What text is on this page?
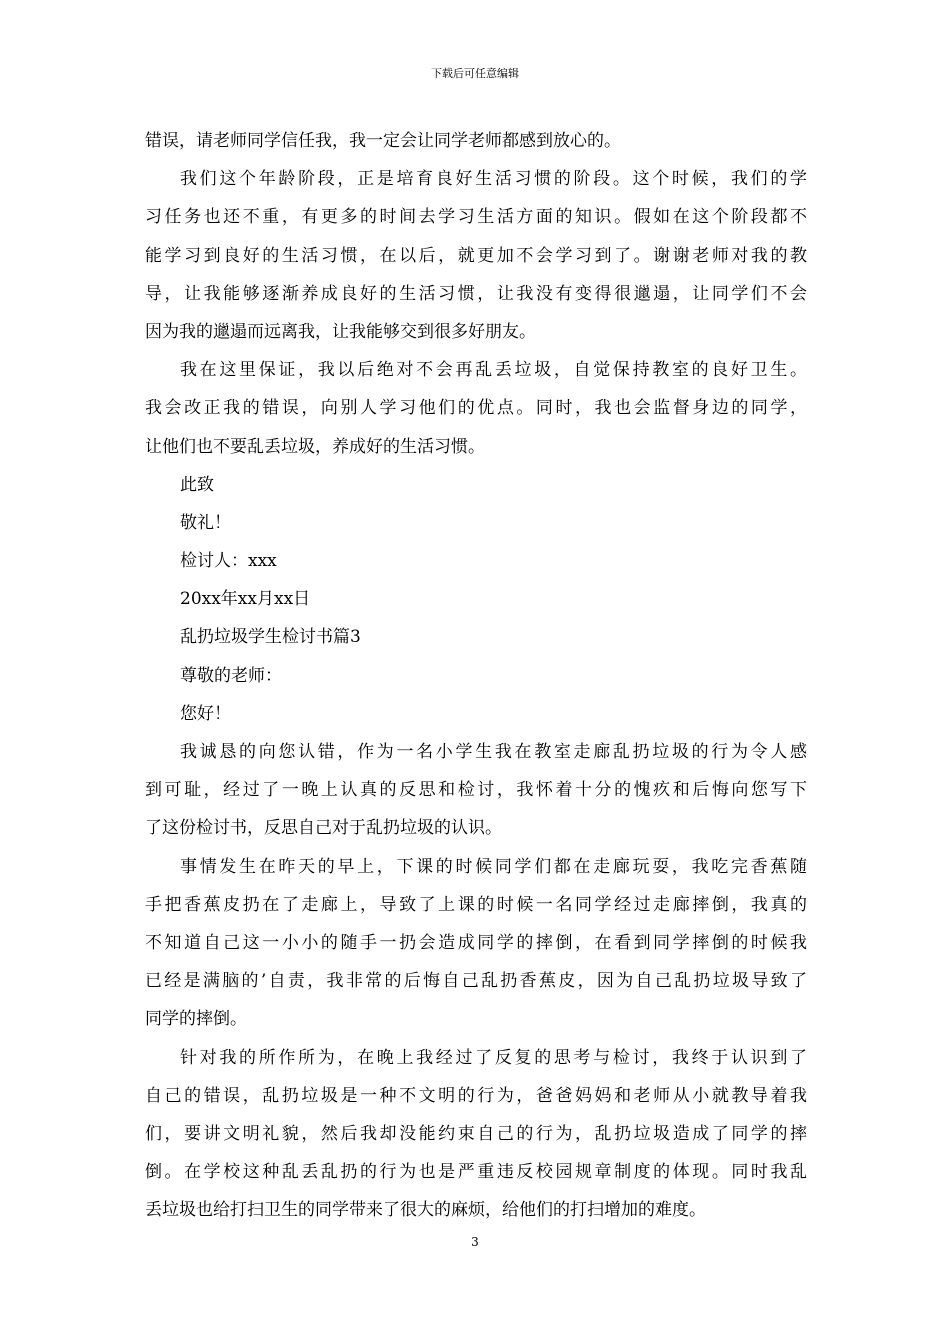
下载后可任意编辑
错误，请老师同学信任我，我一定会让同学老师都感到放心的。
我们这个年龄阶段，正是培育良好生活习惯的阶段。这个时候，我们的学
习任务也还不重，有更多的时间去学习生活方面的知识。假如在这个阶段都不
能学习到良好的生活习惯，在以后，就更加不会学习到了。谢谢老师对我的教
导，让我能够逐渐养成良好的生活习惯，让我没有变得很邋遢，让同学们不会
因为我的邋遢而远离我，让我能够交到很多好朋友。
我在这里保证，我以后绝对不会再乱丢垃圾，自觉保持教室的良好卫生。
我会改正我的错误，向别人学习他们的优点。同时，我也会监督身边的同学，
让他们也不要乱丢垃圾，养成好的生活习惯。
此致
敬礼！
检讨人：xxx
20xx年xx月xx日
乱扔垃圾学生检讨书篇3
尊敬的老师：
您好！
我诚恳的向您认错，作为一名小学生我在教室走廊乱扔垃圾的行为令人感
到可耻，经过了一晚上认真的反思和检讨，我怀着十分的愧疚和后悔向您写下
了这份检讨书，反思自己对于乱扔垃圾的认识。
事情发生在昨天的早上，下课的时候同学们都在走廊玩耍，我吃完香蕉随
手把香蕉皮扔在了走廊上，导致了上课的时候一名同学经过走廊摔倒，我真的
不知道自己这一小小的随手一扔会造成同学的摔倒，在看到同学摔倒的时候我
已经是满脑的’自责，我非常的后悔自己乱扔香蕉皮，因为自己乱扔垃圾导致了
同学的摔倒。
针对我的所作所为，在晚上我经过了反复的思考与检讨，我终于认识到了
自己的错误，乱扔垃圾是一种不文明的行为，爸爸妈妈和老师从小就教导着我
们，要讲文明礼貌，然后我却没能约束自己的行为，乱扔垃圾造成了同学的摔
倒。在学校这种乱丢乱扔的行为也是严重违反校园规章制度的体现。同时我乱
丢垃圾也给打扫卫生的同学带来了很大的麻烦，给他们的打扫增加的难度。
3
